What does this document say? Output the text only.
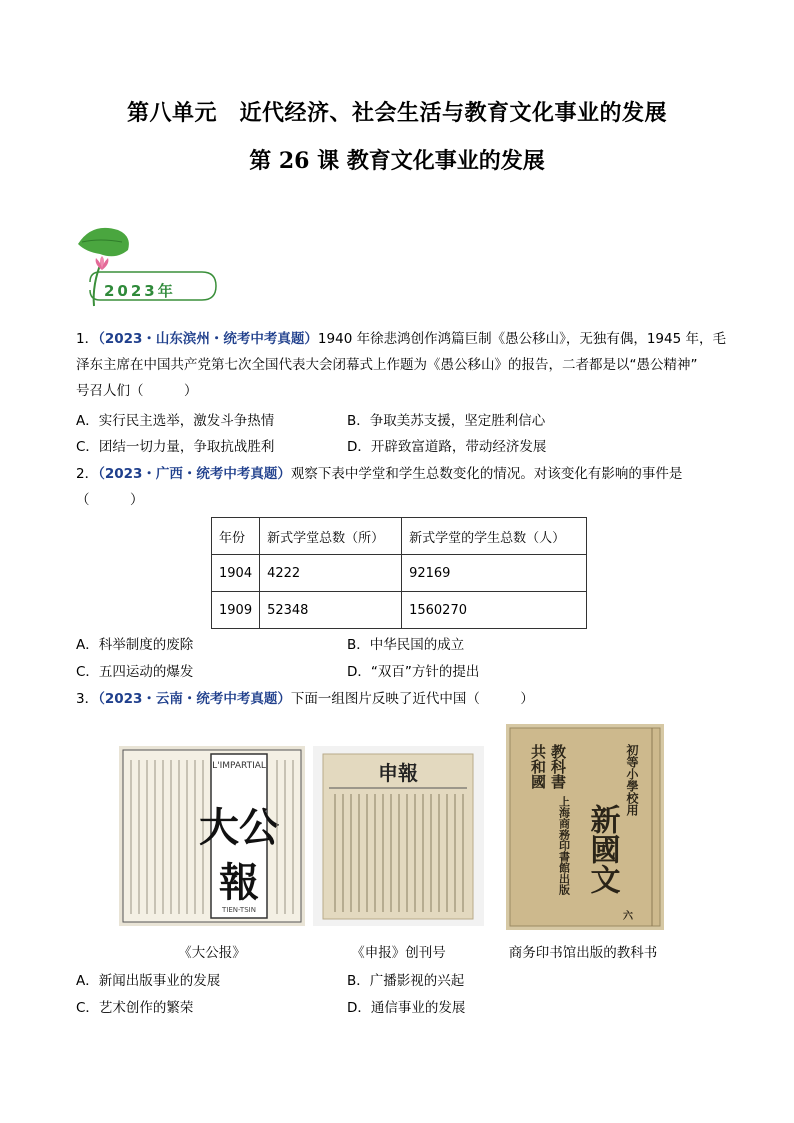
第八单元　近代经济、社会生活与教育文化事业的发展
第 26 课 教育文化事业的发展
2023年
1．（2023・山东滨州・统考中考真题）1940 年徐悲鸿创作鸿篇巨制《愚公移山》，无独有偶，1945 年，毛
泽东主席在中国共产党第七次全国代表大会闭幕式上作题为《愚公移山》的报告，二者都是以“愚公精神”
号召人们（　　　）
A．实行民主选举，激发斗争热情	B．争取美苏支援，坚定胜利信心
C．团结一切力量，争取抗战胜利	D．开辟致富道路，带动经济发展
2．（2023・广西・统考中考真题）观察下表中学堂和学生总数变化的情况。对该变化有影响的事件是
（　　　）
年份	新式学堂总数（所）	新式学堂的学生总数（人）
1904	4222	92169
1909	52348	1560270
A．科举制度的废除	B．中华民国的成立
C．五四运动的爆发	D．“双百”方针的提出
3．（2023・云南・统考中考真题）下面一组图片反映了近代中国（　　　）
L'IMPARTIAL
大公
報
TIEN-TSIN
《大公报》
申報
《申报》创刊号
共和國 教科書	初等小學校用
上海商務印書館出版 新國文
六
商务印书馆出版的教科书
A．新闻出版事业的发展	B．广播影视的兴起
C．艺术创作的繁荣	D．通信事业的发展
